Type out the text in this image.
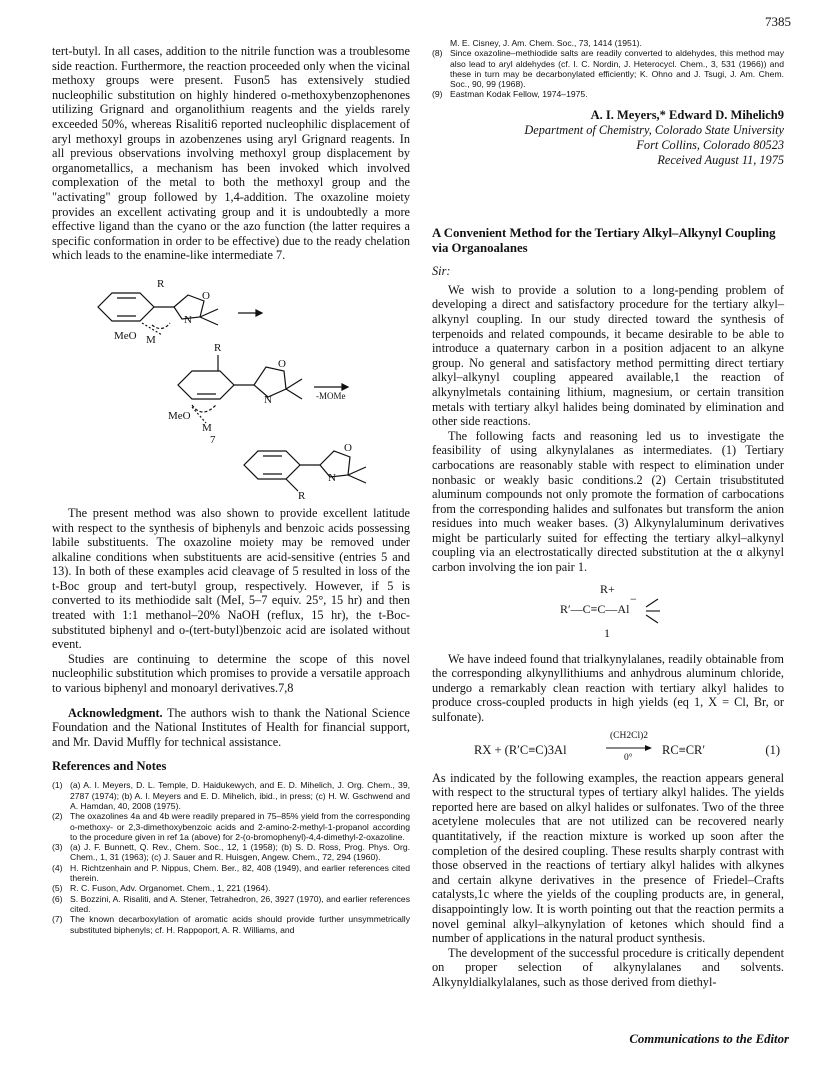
7385

tert-butyl. In all cases, addition to the nitrile function was a troublesome side reaction. Furthermore, the reaction proceeded only when the vicinal methoxy groups were present. Fuson5 has extensively studied nucleophilic substitution on highly hindered o-methoxybenzophenones utilizing Grignard and organolithium reagents and the yields rarely exceeded 50%, whereas Risaliti6 reported nucleophilic displacement of aryl methoxyl groups in azobenzenes using aryl Grignard reagents. In all previous observations involving methoxyl group displacement by organometallics, a mechanism has been invoked which involved complexation of the metal to both the methoxyl group and the "activating" group followed by 1,4-addition. The oxazoline moiety provides an excellent activating group and it is undoubtedly a more effective ligand than the cyano or the azo function (the latter requires a specific conformation in order to be effective) due to the ready chelation which leads to the enamine-like intermediate 7.

R
O
N
MeO M
R
O
N	-MOMe
MeO
M
7
O
N
R

The present method was also shown to provide excellent latitude with respect to the synthesis of biphenyls and benzoic acids possessing labile substituents. The oxazoline moiety may be removed under alkaline conditions when substituents are acid-sensitive (entries 5 and 13). In both of these examples acid cleavage of 5 resulted in loss of the t-Boc group and tert-butyl group, respectively. However, if 5 is converted to its methiodide salt (MeI, 5–7 equiv. 25°, 15 hr) and then treated with 1:1 methanol–20% NaOH (reflux, 15 hr), the t-Boc-substituted biphenyl and o-(tert-butyl)benzoic acid are isolated without event.

Studies are continuing to determine the scope of this novel nucleophilic substitution which promises to provide a versatile approach to various biphenyl and monoaryl derivatives.7,8

Acknowledgment. The authors wish to thank the National Science Foundation and the National Institutes of Health for financial support, and Mr. David Muffly for technical assistance.

References and Notes
(1) (a) A. I. Meyers, D. L. Temple, D. Haidukewych, and E. D. Mihelich, J. Org. Chem., 39, 2787 (1974); (b) A. I. Meyers and E. D. Mihelich, ibid., in press; (c) H. W. Gschwend and A. Hamdan, 40, 2008 (1975).
(2) The oxazolines 4a and 4b were readily prepared in 75–85% yield from the corresponding o-methoxy- or 2,3-dimethoxybenzoic acids and 2-amino-2-methyl-1-propanol according to the procedure given in ref 1a (above) for 2-(o-bromophenyl)-4,4-dimethyl-2-oxazoline.
(3) (a) J. F. Bunnett, Q. Rev., Chem. Soc., 12, 1 (1958); (b) S. D. Ross, Prog. Phys. Org. Chem., 1, 31 (1963); (c) J. Sauer and R. Huisgen, Angew. Chem., 72, 294 (1960).
(4) H. Richtzenhain and P. Nippus, Chem. Ber., 82, 408 (1949), and earlier references cited therein.
(5) R. C. Fuson, Adv. Organomet. Chem., 1, 221 (1964).
(6) S. Bozzini, A. Risaliti, and A. Stener, Tetrahedron, 26, 3927 (1970), and earlier references cited.
(7) The known decarboxylation of aromatic acids should provide further unsymmetrically substituted biphenyls; cf. H. Rappoport, A. R. Williams, and
M. E. Cisney, J. Am. Chem. Soc., 73, 1414 (1951).
(8) Since oxazoline–methiodide salts are readily converted to aldehydes, this method may also lead to aryl aldehydes (cf. I. C. Nordin, J. Heterocycl. Chem., 3, 531 (1966)) and these in turn may be decarbonylated efficiently; K. Ohno and J. Tsugi, J. Am. Chem. Soc., 90, 99 (1968).
(9) Eastman Kodak Fellow, 1974–1975.
A. I. Meyers,* Edward D. Mihelich9
Department of Chemistry, Colorado State University
Fort Collins, Colorado 80523
Received August 11, 1975
A Convenient Method for the Tertiary Alkyl–Alkynyl Coupling via Organoalanes
Sir:

We wish to provide a solution to a long-pending problem of developing a direct and satisfactory procedure for the tertiary alkyl–alkynyl coupling. In our study directed toward the synthesis of terpenoids and related compounds, it became desirable to be able to introduce a quaternary carbon in a position adjacent to an alkyne group. No general and satisfactory method permitting direct tertiary alkyl–alkynyl coupling appeared available,1 the reaction of alkynylmetals containing lithium, magnesium, or certain transition metals with tertiary alkyl halides being dominated by elimination and other side reactions.

The following facts and reasoning led us to investigate the feasibility of using alkynylalanes as intermediates. (1) Tertiary carbocations are reasonably stable with respect to elimination under nonbasic or weakly basic conditions.2 (2) Certain trisubstituted aluminum compounds not only promote the formation of carbocations from the corresponding halides and sulfonates but transform the anion residues into much weaker bases. (3) Alkynylaluminum derivatives might be particularly suited for effecting the tertiary alkyl–alkynyl coupling via an electrostatically directed substitution at the α alkynyl carbon involving the ion pair 1.

R+
R′—C≡C—Al
−
1

We have indeed found that trialkynylalanes, readily obtainable from the corresponding alkynyllithiums and anhydrous aluminum chloride, undergo a remarkably clean reaction with tertiary alkyl halides to produce cross-coupled products in high yields (eq 1, X = Cl, Br, or sulfonate).

RX + (R′C≡C)3Al
(CH2Cl)2
0°
RC≡CR′	(1)

As indicated by the following examples, the reaction appears general with respect to the structural types of tertiary alkyl halides. The yields reported here are based on alkyl halides or sulfonates. Two of the three acetylene molecules that are not utilized can be recovered nearly quantitatively, if the reaction mixture is worked up soon after the completion of the desired coupling. These results sharply contrast with those observed in the reactions of tertiary alkyl halides with alkynes and certain alkyne derivatives in the presence of Friedel–Crafts catalysts,1c where the yields of the coupling products are, in general, disappointingly low. It is worth pointing out that the reaction permits a novel geminal alkyl–alkynylation of ketones which should find a number of applications in the natural product synthesis.

The development of the successful procedure is critically dependent on proper selection of alkynylalanes and solvents. Alkynyldialkylalanes, such as those derived from diethyl-

Communications to the Editor
